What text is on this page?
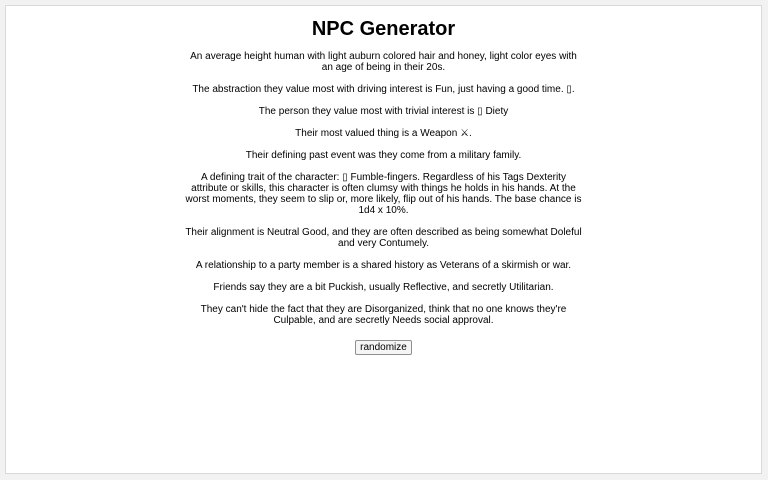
NPC Generator

An average height human with light auburn colored hair and honey, light color eyes with an age of being in their 20s.

The abstraction they value most with driving interest is Fun, just having a good time. ▯.

The person they value most with trivial interest is ▯ Diety

Their most valued thing is a Weapon ⚔.

Their defining past event was they come from a military family.

A defining trait of the character: ▯ Fumble-fingers. Regardless of his Tags Dexterity attribute or skills, this character is often clumsy with things he holds in his hands. At the worst moments, they seem to slip or, more likely, flip out of his hands. The base chance is 1d4 x 10%.

Their alignment is Neutral Good, and they are often described as being somewhat Doleful and very Contumely.

A relationship to a party member is a shared history as Veterans of a skirmish or war.

Friends say they are a bit Puckish, usually Reflective, and secretly Utilitarian.

They can't hide the fact that they are Disorganized, think that no one knows they're Culpable, and are secretly Needs social approval.

randomize
